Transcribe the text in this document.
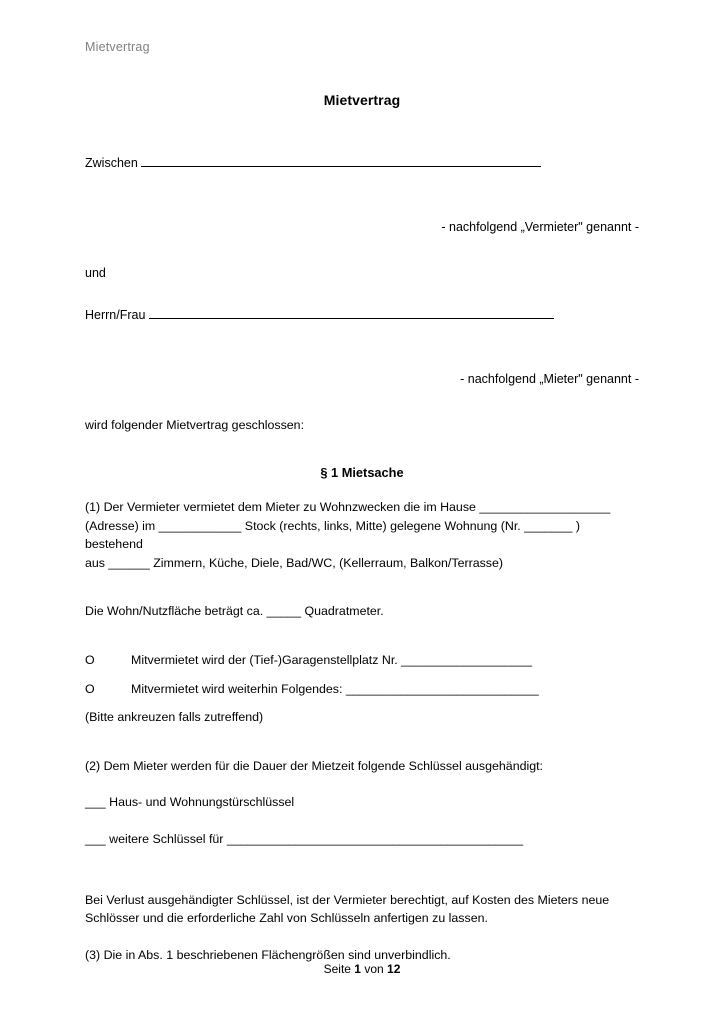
Mietvertrag
Mietvertrag
Zwischen
- nachfolgend „Vermieter" genannt -
und
Herrn/Frau
- nachfolgend „Mieter" genannt -

wird folgender Mietvertrag geschlossen:

§ 1 Mietsache

(1) Der Vermieter vermietet dem Mieter zu Wohnzwecken die im Hause ___________________

(Adresse) im ____________ Stock (rechts, links, Mitte) gelegene Wohnung (Nr. _______ ) bestehend

aus ______ Zimmern, Küche, Diele, Bad/WC, (Kellerraum, Balkon/Terrasse)

Die Wohn/Nutzfläche beträgt ca. _____ Quadratmeter.

O	Mitvermietet wird der (Tief-)Garagenstellplatz Nr. ___________________
O	Mitvermietet wird weiterhin Folgendes: ____________________________

(Bitte ankreuzen falls zutreffend)

(2) Dem Mieter werden für die Dauer der Mietzeit folgende Schlüssel ausgehändigt:

___ Haus- und Wohnungstürschlüssel

___ weitere Schlüssel für ___________________________________________

Bei Verlust ausgehändigter Schlüssel, ist der Vermieter berechtigt, auf Kosten des Mieters neue

Schlösser und die erforderliche Zahl von Schlüsseln anfertigen zu lassen.

(3) Die in Abs. 1 beschriebenen Flächengrößen sind unverbindlich.

Seite 1 von 12
